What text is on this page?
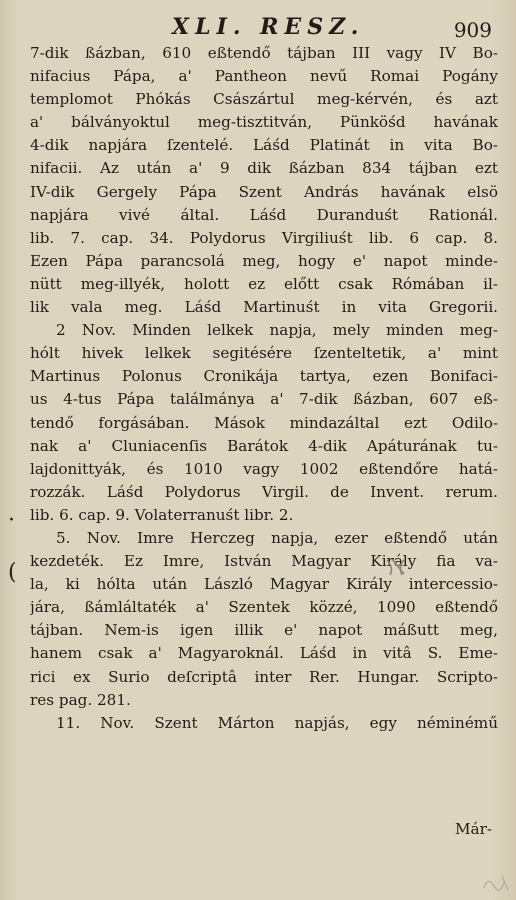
XLI. RESZ.	909
7-dik ßázban, 610 eßtendő tájban III vagy IV Bo-
nifacius Pápa, a' Pantheon nevű Romai Pogány
templomot Phókás Császártul meg-kérvén, és azt
a' bálványoktul meg-tisztitván, Pünköśd havának
4-dik napjára ſzentelé. Láśd Platinát in vita Bo-
nifacii. Az után a' 9 dik ßázban 834 tájban ezt
IV-dik Gergely Pápa Szent András havának elsö
napjára vivé által. Láśd Duranduśt Rationál.
lib. 7. cap. 34. Polydorus Virgiliuśt lib. 6 cap. 8.
Ezen Pápa parancsolá meg, hogy e' napot minde-
nütt meg-illyék, holott ez előtt csak Rómában il-
lik vala meg. Láśd Martinuśt in vita Gregorii.
2 Nov. Minden lelkek napja, mely minden meg-
hólt hivek lelkek segitésére ſzenteltetik, a' mint
Martinus Polonus Cronikája tartya, ezen Bonifaci-
us 4-tus Pápa találmánya a' 7-dik ßázban, 607 eß-
tendő forgásában. Mások mindazáltal ezt Odilo-
nak a' Cluniacenſis Barátok 4-dik Apáturának tu-
lajdonittyák, és 1010 vagy 1002 eßtendőre hatá-
rozzák. Láśd Polydorus Virgil. de Invent. rerum.
lib. 6. cap. 9. Volaterranuśt libr. 2.
5. Nov. Imre Herczeg napja, ezer eßtendő után
kezdeték. Ez Imre, István Magyar Király fia va-
la, ki hólta után László Magyar Király intercessio-
jára, ßámláltaték a' Szentek közzé, 1090 eßtendő
tájban. Nem-is igen illik e' napot máßutt meg,
hanem csak a' Magyaroknál. Láśd in vitâ S. Eme-
rici ex Surio deſcriptâ inter Rer. Hungar. Scripto-
res pag. 281.
11. Nov. Szent Márton napjás, egy néminémű
Már-
·
(
